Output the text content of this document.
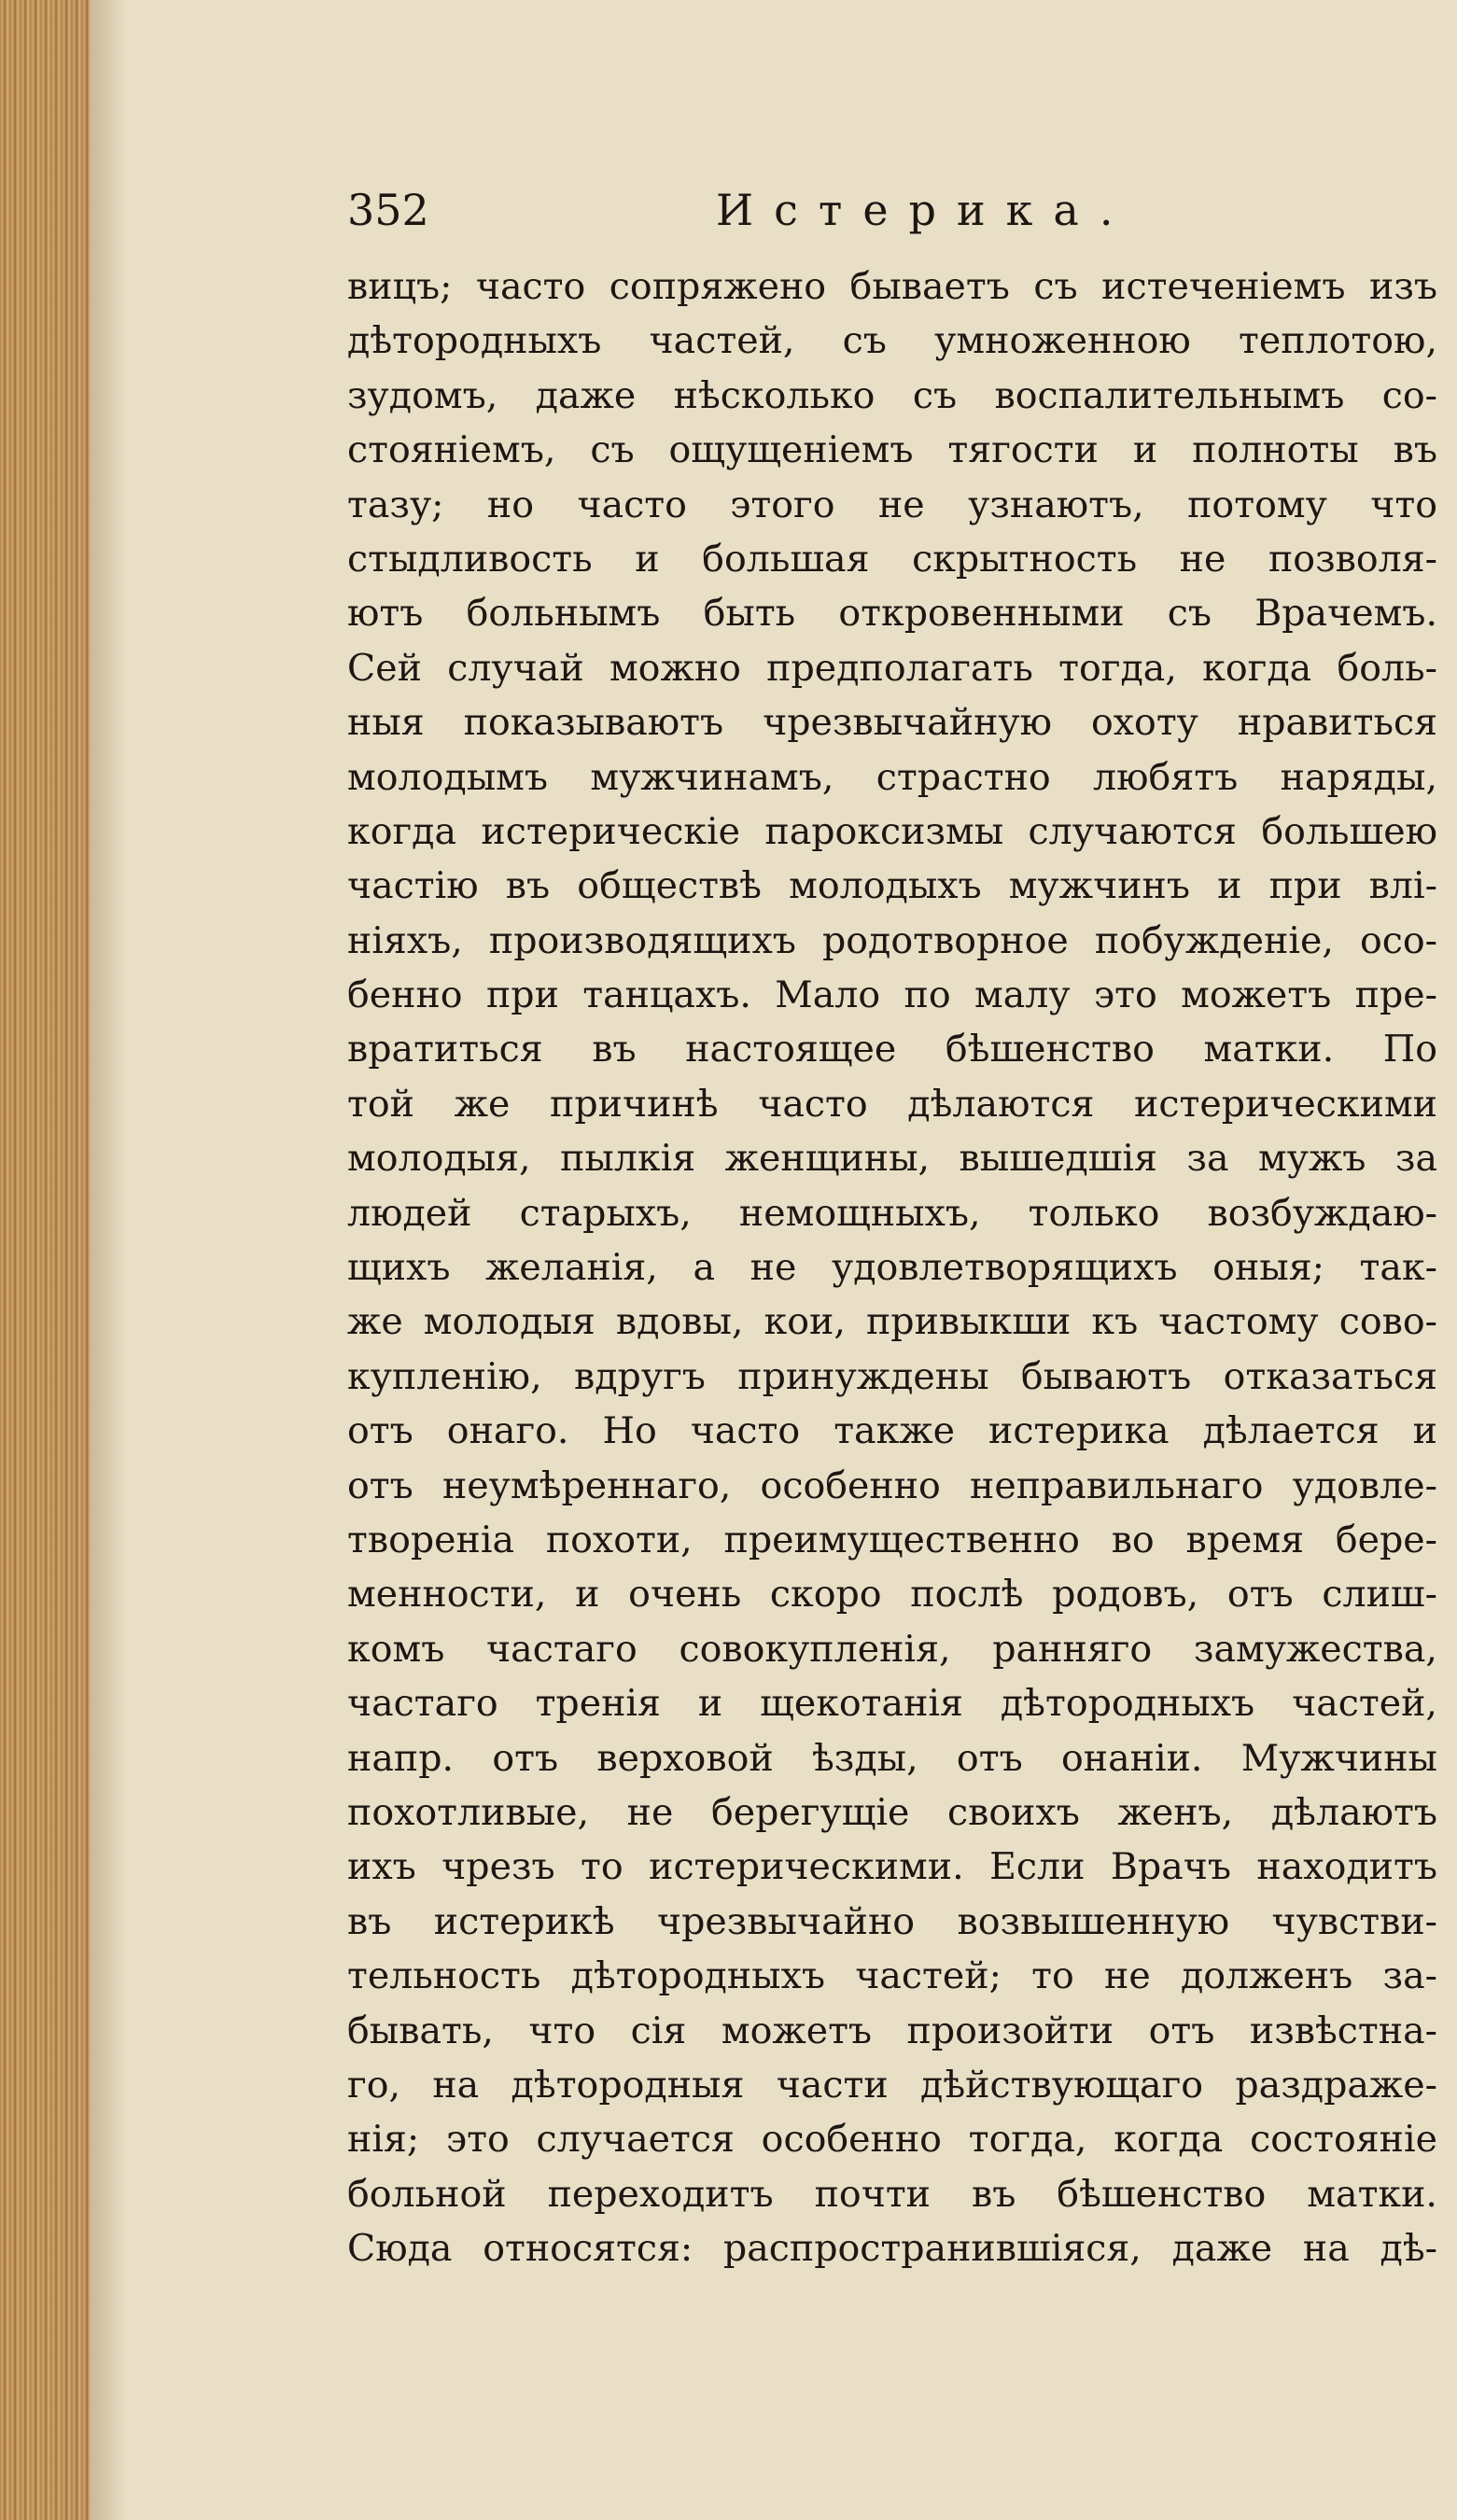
352	Истерика.
вицъ; часто сопряжено бываетъ съ истеченіемъ изъ
дѣтородныхъ частей, съ умноженною теплотою,
зудомъ, даже нѣсколько съ воспалительнымъ со-
стояніемъ, съ ощущеніемъ тягости и полноты въ
тазу; но часто этого не узнаютъ, потому что
стыдливость и большая скрытность не позволя-
ютъ больнымъ быть откровенными съ Врачемъ.
Сей случай можно предполагать тогда, когда боль-
ныя показываютъ чрезвычайную охоту нравиться
молодымъ мужчинамъ, страстно любятъ наряды,
когда истерическіе пароксизмы случаются большею
частію въ обществѣ молодыхъ мужчинъ и при влі-
ніяхъ, производящихъ родотворное побужденіе, осо-
бенно при танцахъ. Мало по малу это можетъ пре-
вратиться въ настоящее бѣшенство матки. По
той же причинѣ часто дѣлаются истерическими
молодыя, пылкія женщины, вышедшія за мужъ за
людей старыхъ, немощныхъ, только возбуждаю-
щихъ желанія, а не удовлетворящихъ оныя; так-
же молодыя вдовы, кои, привыкши къ частому сово-
купленію, вдругъ принуждены бываютъ отказаться
отъ онаго. Но часто также истерика дѣлается и
отъ неумѣреннаго, особенно неправильнаго удовле-
твореніа похоти, преимущественно во время бере-
менности, и очень скоро послѣ родовъ, отъ слиш-
комъ частаго совокупленія, ранняго замужества,
частаго тренія и щекотанія дѣтородныхъ частей,
напр. отъ верховой ѣзды, отъ онаніи. Мужчины
похотливые, не берегущіе своихъ женъ, дѣлаютъ
ихъ чрезъ то истерическими. Если Врачъ находитъ
въ истерикѣ чрезвычайно возвышенную чувстви-
тельность дѣтородныхъ частей; то не долженъ за-
бывать, что сія можетъ произойти отъ извѣстна-
го, на дѣтородныя части дѣйствующаго раздраже-
нія; это случается особенно тогда, когда состояніе
больной переходитъ почти въ бѣшенство матки.
Сюда относятся: распространившіяся, даже на дѣ-
